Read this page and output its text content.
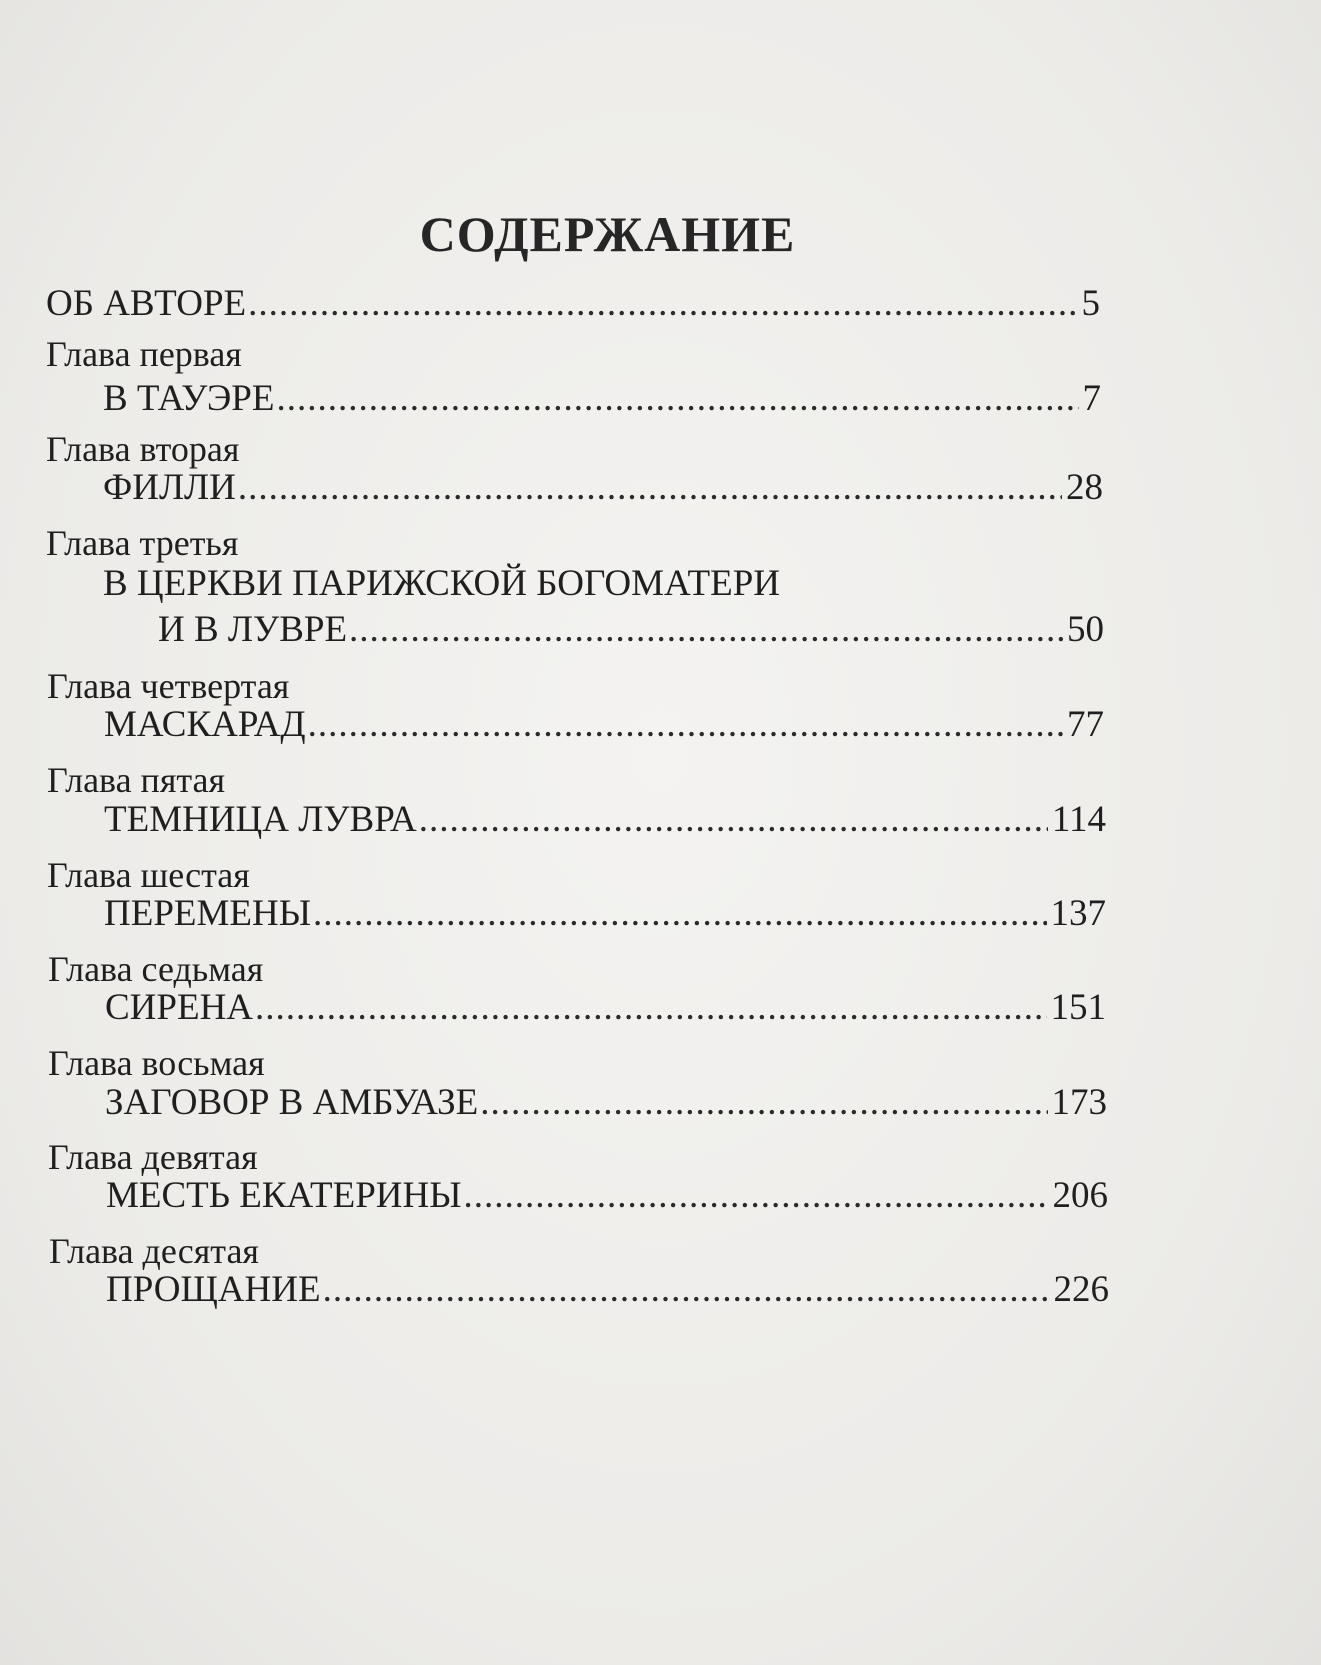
СОДЕРЖАНИЕ
ОБ АВТОРЕ .....	5
Глава первая
В ТАУЭРЕ .....	7
Глава вторая
ФИЛЛИ .....	28
Глава третья
В ЦЕРКВИ ПАРИЖСКОЙ БОГОМАТЕРИ
И В ЛУВРЕ .....	50
Глава четвертая
МАСКАРАД .....	77
Глава пятая
ТЕМНИЦА ЛУВРА .....	114
Глава шестая
ПЕРЕМЕНЫ .....	137
Глава седьмая
СИРЕНА .....	151
Глава восьмая
ЗАГОВОР В АМБУАЗЕ .....	173
Глава девятая
МЕСТЬ ЕКАТЕРИНЫ .....	206
Глава десятая
ПРОЩАНИЕ .....	226
